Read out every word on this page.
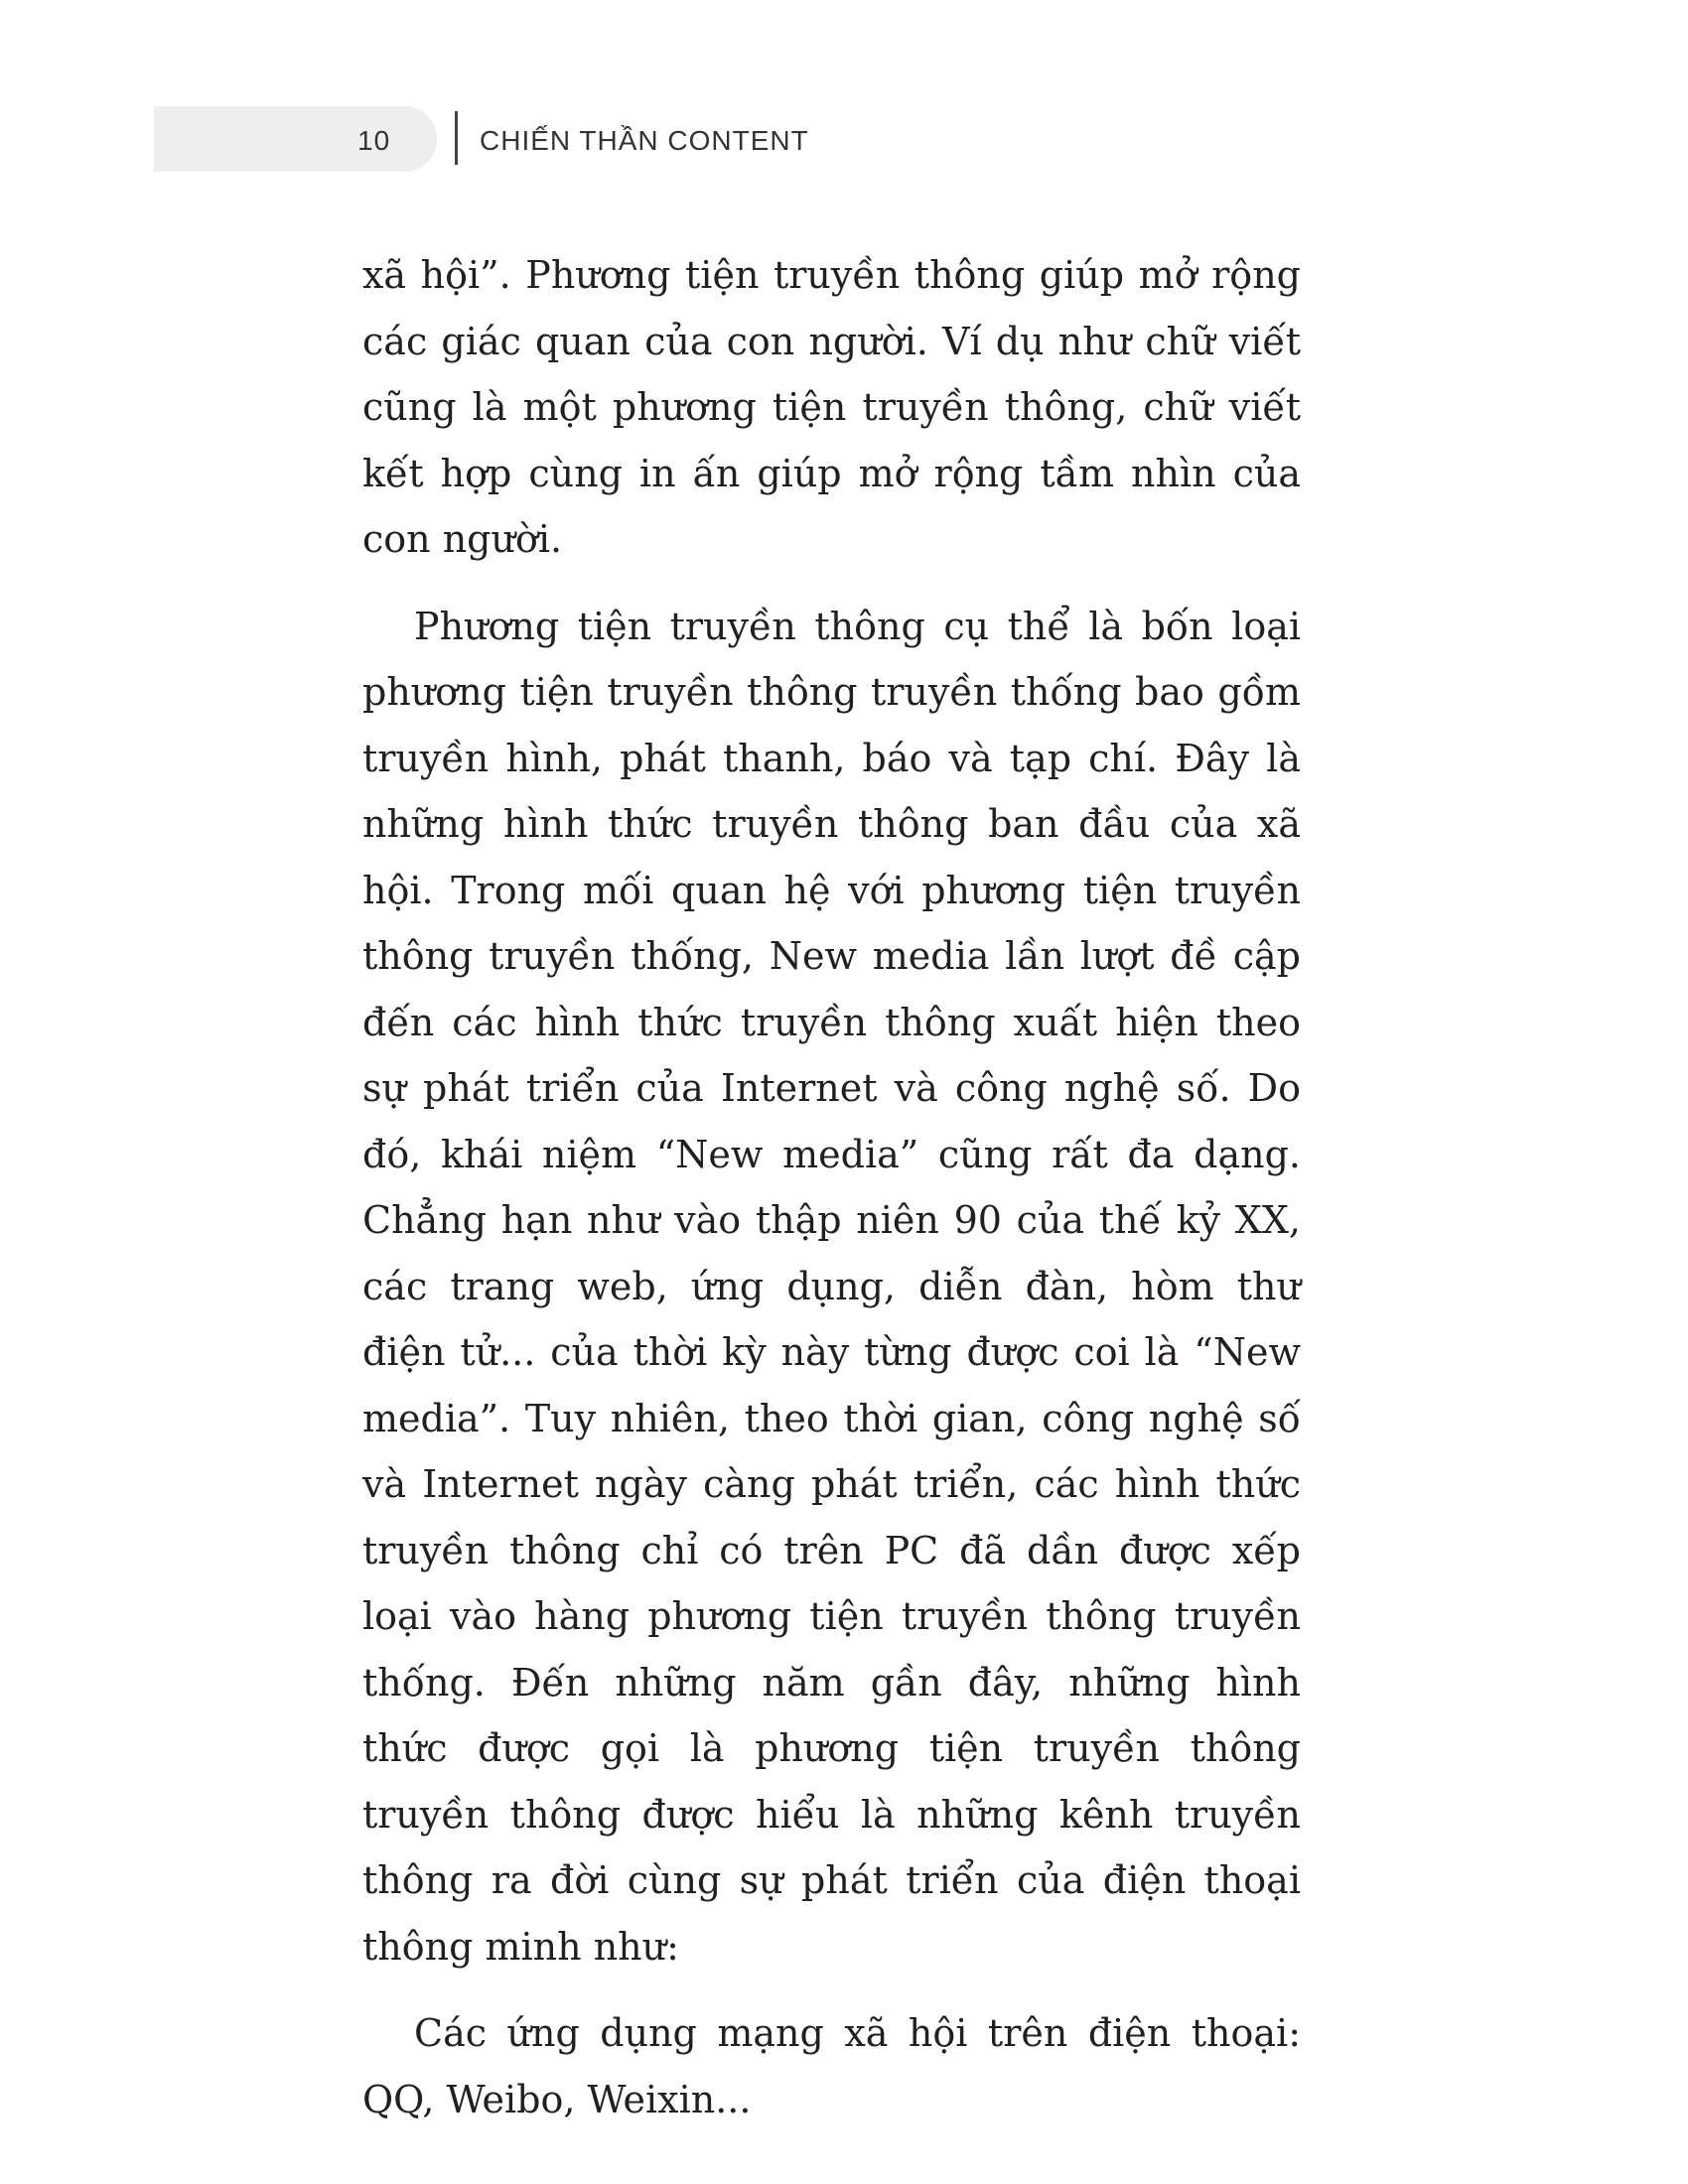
10	CHIẾN THẦN CONTENT

xã hội”. Phương tiện truyền thông giúp mở rộng các giác quan của con người. Ví dụ như chữ viết cũng là một phương tiện truyền thông, chữ viết kết hợp cùng in ấn giúp mở rộng tầm nhìn của con người.

Phương tiện truyền thông cụ thể là bốn loại phương tiện truyền thông truyền thống bao gồm truyền hình, phát thanh, báo và tạp chí. Đây là những hình thức truyền thông ban đầu của xã hội. Trong mối quan hệ với phương tiện truyền thông truyền thống, New media lần lượt đề cập đến các hình thức truyền thông xuất hiện theo sự phát triển của Internet và công nghệ số. Do đó, khái niệm “New media” cũng rất đa dạng. Chẳng hạn như vào thập niên 90 của thế kỷ XX, các trang web, ứng dụng, diễn đàn, hòm thư điện tử... của thời kỳ này từng được coi là “New media”. Tuy nhiên, theo thời gian, công nghệ số và Internet ngày càng phát triển, các hình thức truyền thông chỉ có trên PC đã dần được xếp loại vào hàng phương tiện truyền thông truyền thống. Đến những năm gần đây, những hình thức được gọi là phương tiện truyền thông truyền thông được hiểu là những kênh truyền thông ra đời cùng sự phát triển của điện thoại thông minh như:

Các ứng dụng mạng xã hội trên điện thoại: QQ, Weibo, Weixin...
